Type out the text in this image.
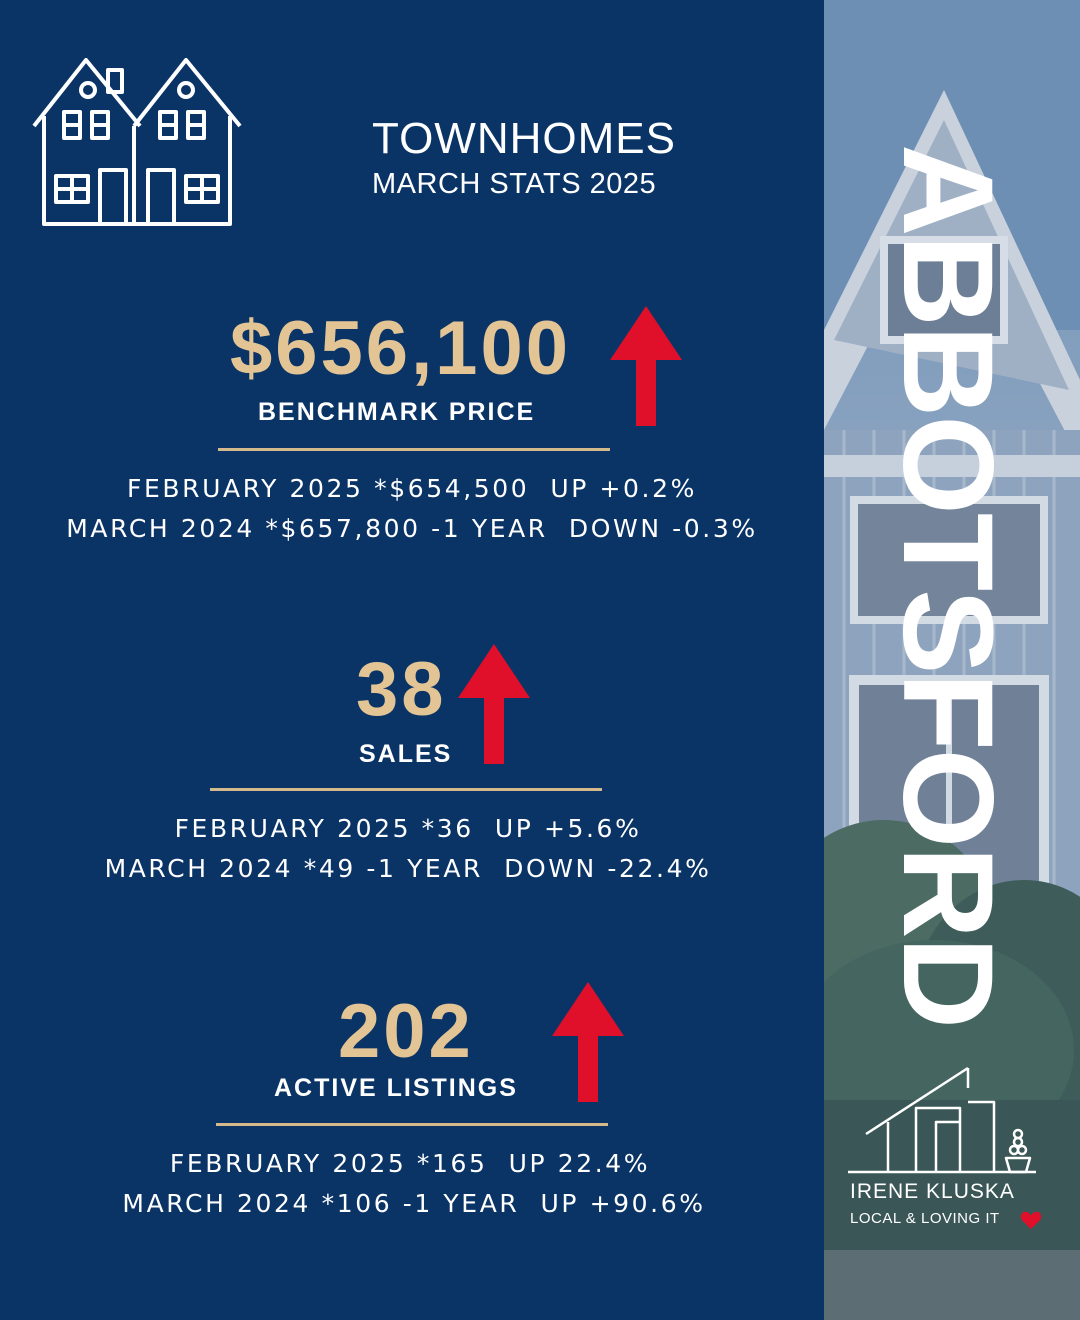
TOWNHOMES
MARCH STATS 2025
$656,100
BENCHMARK PRICE
FEBRUARY 2025 *$654,500  UP +0.2%
MARCH 2024 *$657,800 -1 YEAR  DOWN -0.3%
38
SALES
FEBRUARY 2025 *36  UP +5.6%
MARCH 2024 *49 -1 YEAR  DOWN -22.4%
202
ACTIVE LISTINGS
FEBRUARY 2025 *165  UP 22.4%
MARCH 2024 *106 -1 YEAR  UP +90.6%
ABBOTSFORD
IRENE KLUSKA
LOCAL & LOVING IT
